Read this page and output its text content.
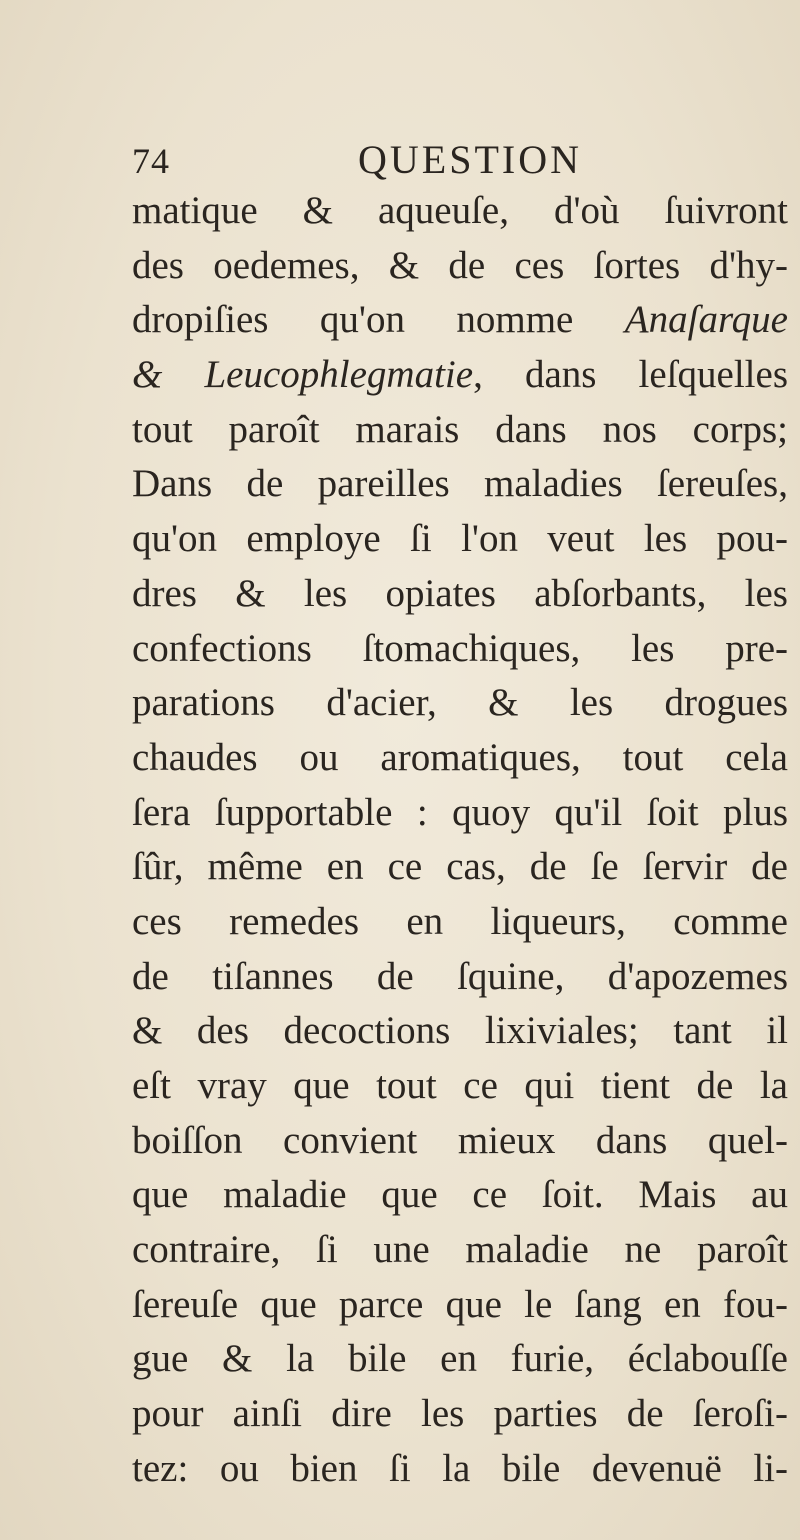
74	QUESTION
matique & aqueuſe, d'où ſuivront
des oedemes, & de ces ſortes d'hy-
dropiſies qu'on nomme Anaſarque
& Leucophlegmatie, dans leſquelles
tout paroît marais dans nos corps;
Dans de pareilles maladies ſereuſes,
qu'on employe ſi l'on veut les pou-
dres & les opiates abſorbants, les
confections ſtomachiques, les pre-
parations d'acier, & les drogues
chaudes ou aromatiques, tout cela
ſera ſupportable : quoy qu'il ſoit plus
ſûr, même en ce cas, de ſe ſervir de
ces remedes en liqueurs, comme
de tiſannes de ſquine, d'apozemes
& des decoctions lixiviales; tant il
eſt vray que tout ce qui tient de la
boiſſon convient mieux dans quel-
que maladie que ce ſoit. Mais au
contraire, ſi une maladie ne paroît
ſereuſe que parce que le ſang en fou-
gue & la bile en furie, éclabouſſe
pour ainſi dire les parties de ſeroſi-
tez: ou bien ſi la bile devenuë li-
